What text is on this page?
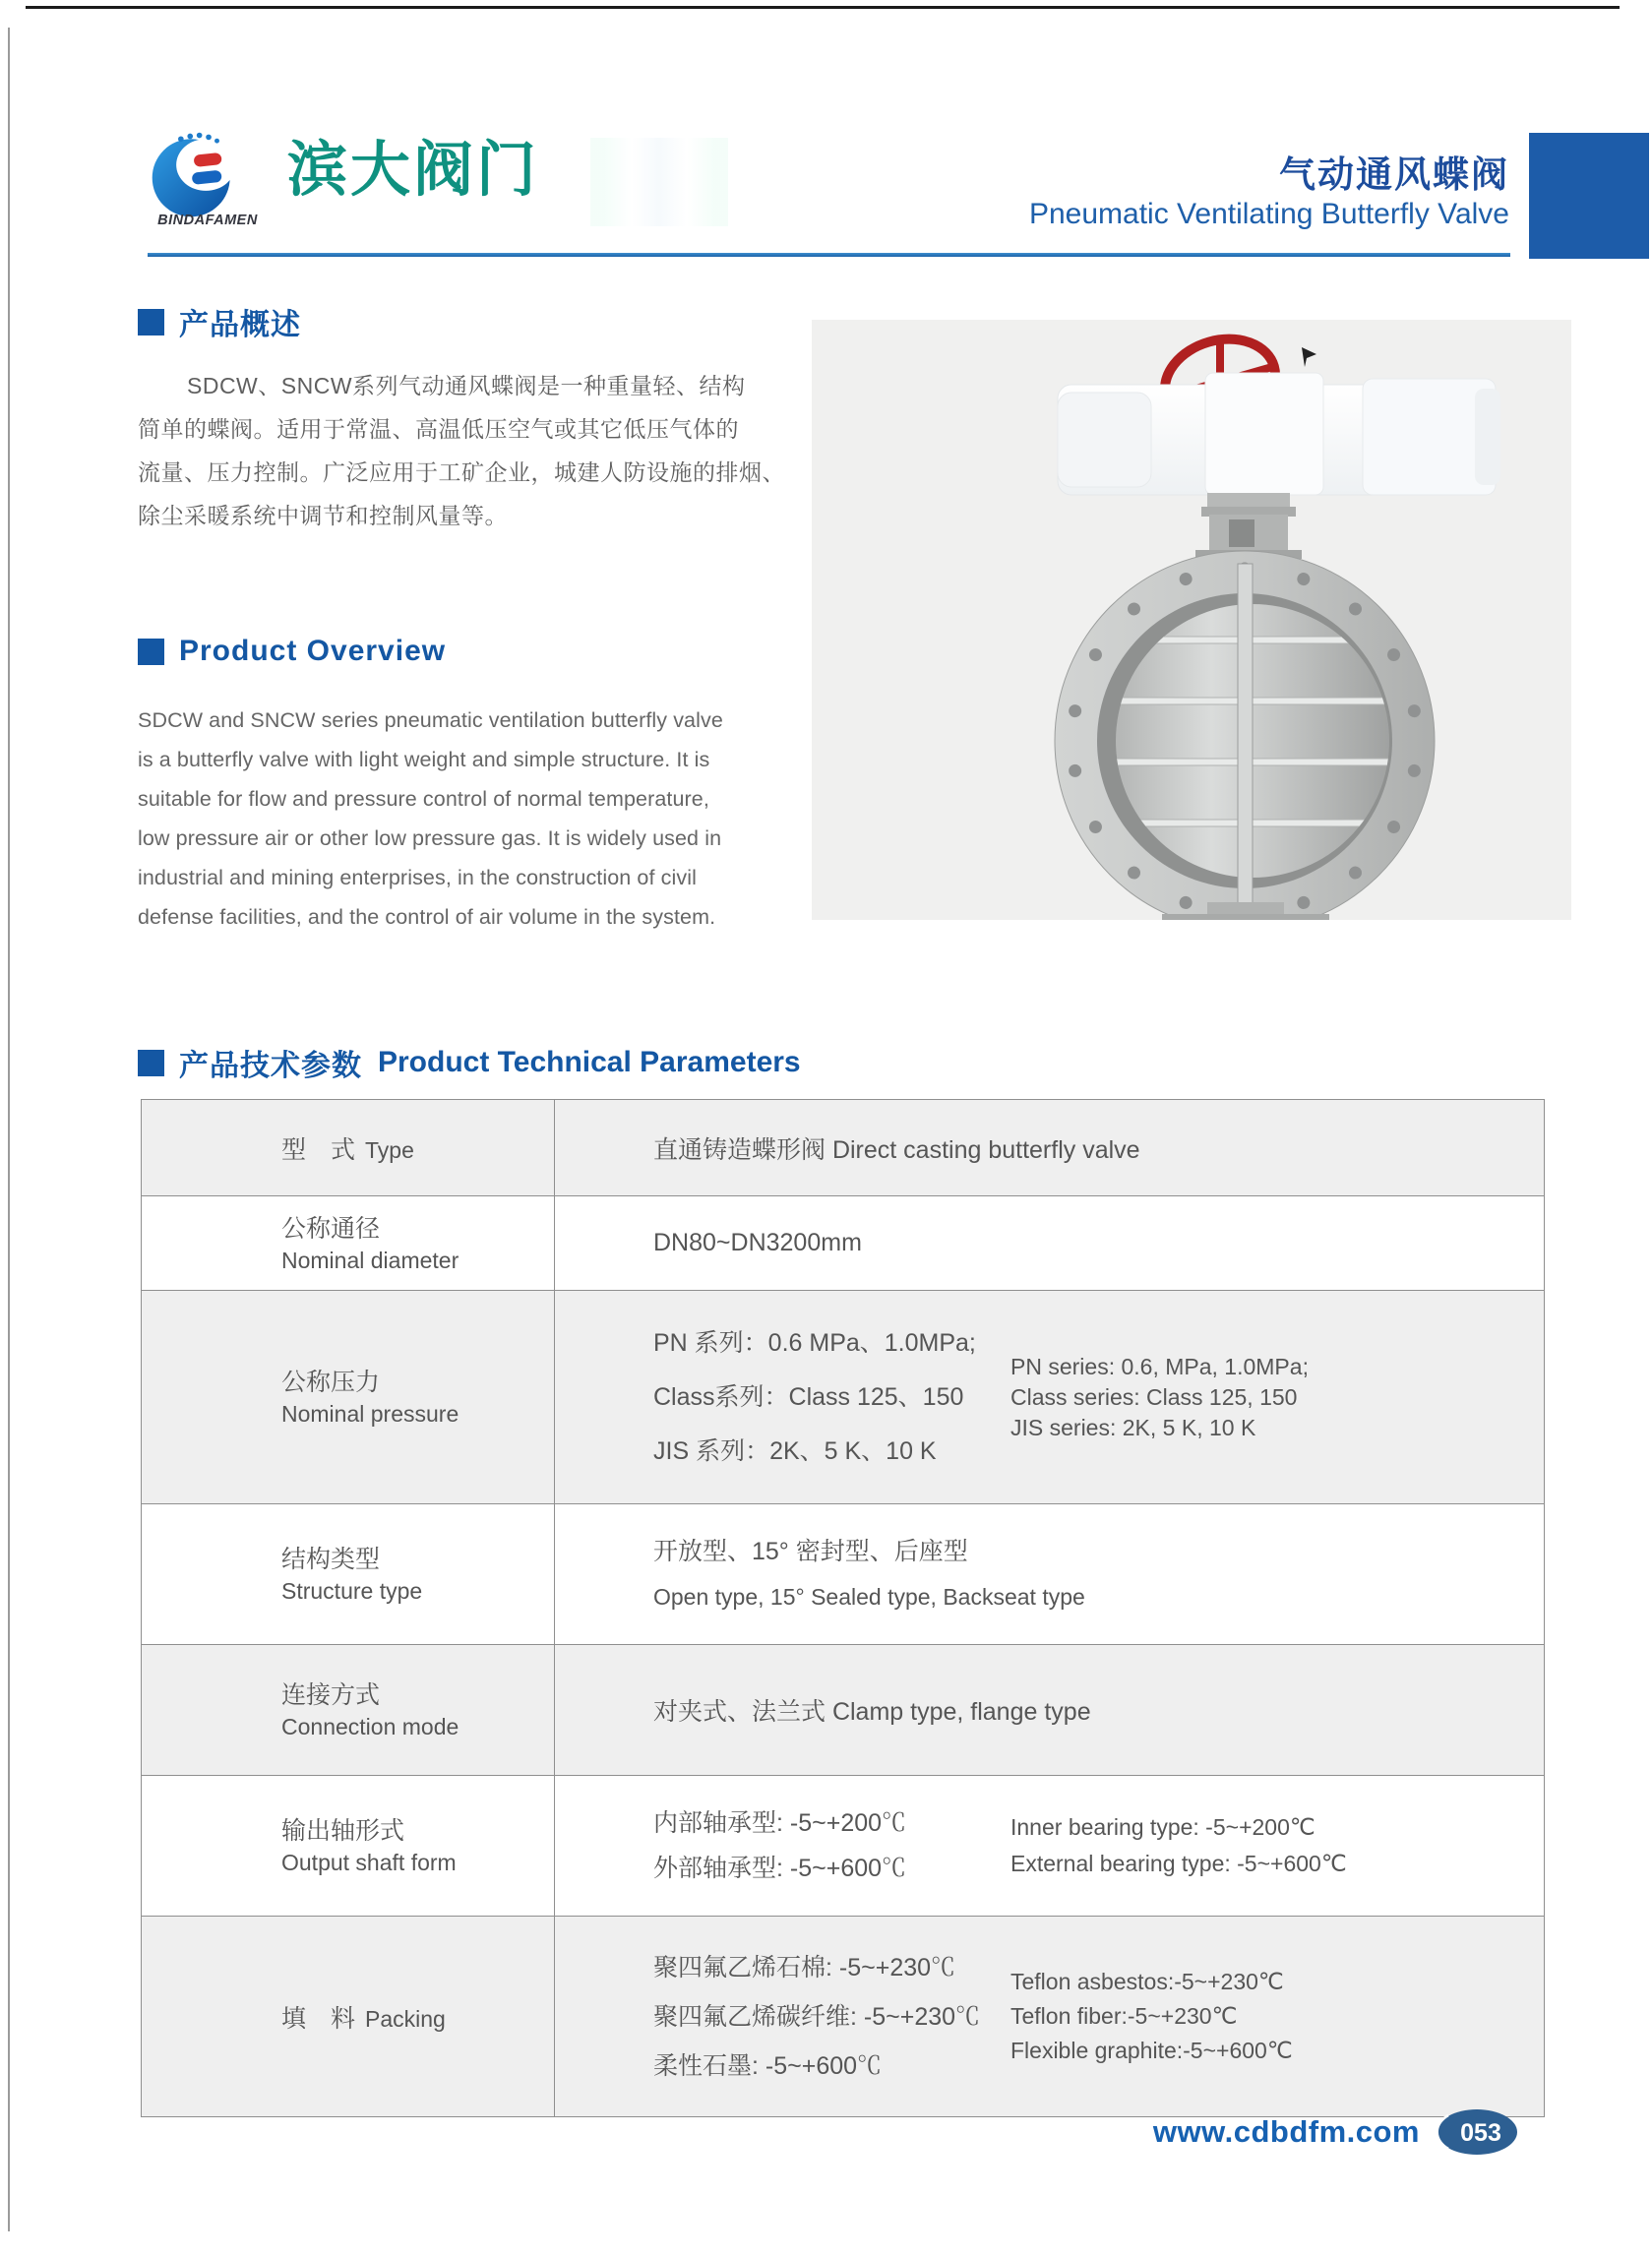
BINDAFAMEN
滨大阀门	气动通风蝶阀
Pneumatic Ventilating Butterfly Valve
产品概述
SDCW、SNCW系列气动通风蝶阀是一种重量轻、结构
简单的蝶阀。适用于常温、高温低压空气或其它低压气体的
流量、压力控制。广泛应用于工矿企业，城建人防设施的排烟、
除尘采暖系统中调节和控制风量等。
Product Overview
SDCW and SNCW series pneumatic ventilation butterfly valve
is a butterfly valve with light weight and simple structure. It is
suitable for flow and pressure control of normal temperature,
low pressure air or other low pressure gas. It is widely used in
industrial and mining enterprises, in the construction of civil
defense facilities, and the control of air volume in the system.
产品技术参数 Product Technical Parameters
型　式 Type	直通铸造蝶形阀 Direct casting butterfly valve
公称通径
Nominal diameter
DN80~DN3200mm
公称压力
Nominal pressure
PN 系列：0.6 MPa、1.0MPa;
Class系列：Class 125、150
JIS 系列：2K、5 K、10 K
PN series: 0.6, MPa, 1.0MPa;
Class series: Class 125, 150
JIS series: 2K, 5 K, 10 K
结构类型
Structure type
开放型、15° 密封型、后座型
Open type, 15° Sealed type, Backseat type
连接方式
Connection mode
对夹式、法兰式 Clamp type, flange type
输出轴形式
Output shaft form
内部轴承型: -5~+200℃
外部轴承型: -5~+600℃
Inner bearing type: -5~+200℃
External bearing type: -5~+600℃
填　料 Packing
聚四氟乙烯石棉: -5~+230℃
聚四氟乙烯碳纤维: -5~+230℃
柔性石墨: -5~+600℃
Teflon asbestos:-5~+230℃
Teflon fiber:-5~+230℃
Flexible graphite:-5~+600℃
www.cdbdfm.com 053
